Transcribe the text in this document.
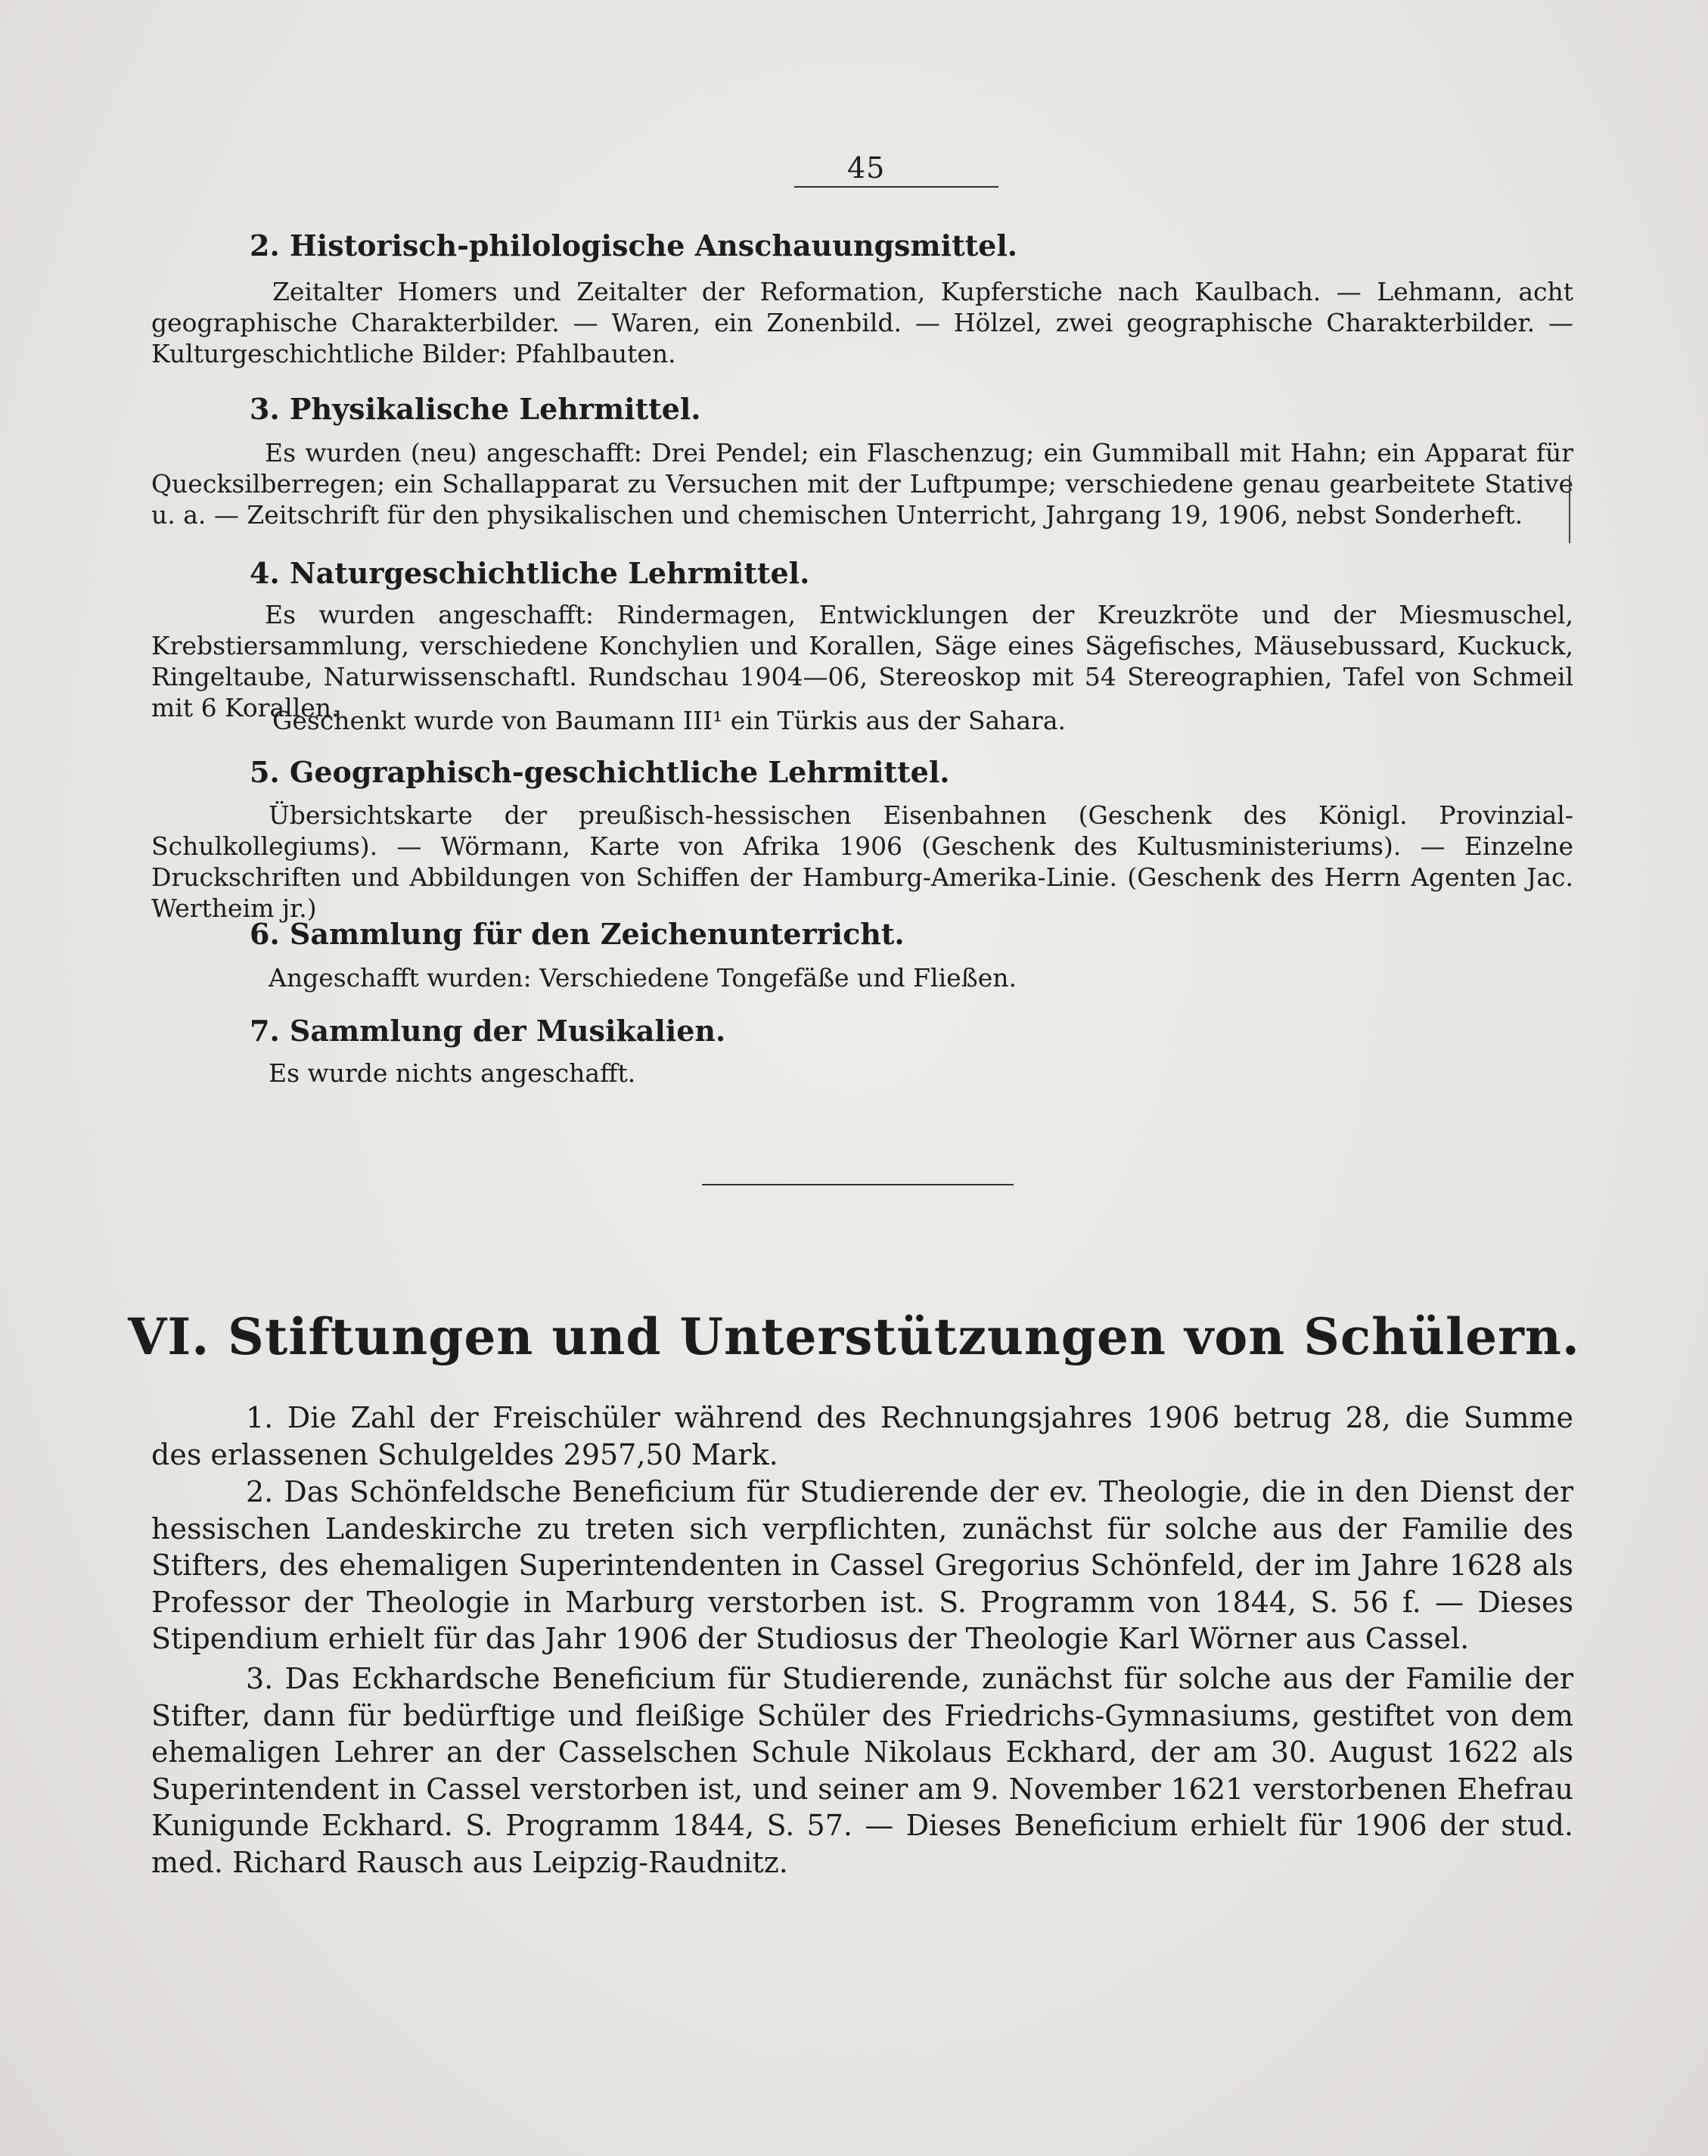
45
2. Historisch-philologische Anschauungsmittel.
Zeitalter Homers und Zeitalter der Reformation, Kupferstiche nach Kaulbach. — Lehmann, acht geographische Charakterbilder. — Waren, ein Zonenbild. — Hölzel, zwei geographische Charakterbilder. — Kulturgeschichtliche Bilder: Pfahlbauten.
3. Physikalische Lehrmittel.
Es wurden (neu) angeschafft: Drei Pendel; ein Flaschenzug; ein Gummiball mit Hahn; ein Apparat für Quecksilberregen; ein Schallapparat zu Versuchen mit der Luftpumpe; verschiedene genau gearbeitete Stative u. a. — Zeitschrift für den physikalischen und chemischen Unterricht, Jahrgang 19, 1906, nebst Sonderheft.
4. Naturgeschichtliche Lehrmittel.
Es wurden angeschafft: Rindermagen, Entwicklungen der Kreuzkröte und der Miesmuschel, Krebstiersammlung, verschiedene Konchylien und Korallen, Säge eines Sägefisches, Mäusebussard, Kuckuck, Ringeltaube, Naturwissenschaftl. Rundschau 1904—06, Stereoskop mit 54 Stereographien, Tafel von Schmeil mit 6 Korallen.
Geschenkt wurde von Baumann III¹ ein Türkis aus der Sahara.
5. Geographisch-geschichtliche Lehrmittel.
Übersichtskarte der preußisch-hessischen Eisenbahnen (Geschenk des Königl. Provinzial-Schulkollegiums). — Wörmann, Karte von Afrika 1906 (Geschenk des Kultusministeriums). — Einzelne Druckschriften und Abbildungen von Schiffen der Hamburg-Amerika-Linie. (Geschenk des Herrn Agenten Jac. Wertheim jr.)
6. Sammlung für den Zeichenunterricht.
Angeschafft wurden: Verschiedene Tongefäße und Fließen.
7. Sammlung der Musikalien.
Es wurde nichts angeschafft.
VI. Stiftungen und Unterstützungen von Schülern.
1. Die Zahl der Freischüler während des Rechnungsjahres 1906 betrug 28, die Summe des erlassenen Schulgeldes 2957,50 Mark.
2. Das Schönfeldsche Beneficium für Studierende der ev. Theologie, die in den Dienst der hessischen Landeskirche zu treten sich verpflichten, zunächst für solche aus der Familie des Stifters, des ehemaligen Superintendenten in Cassel Gregorius Schönfeld, der im Jahre 1628 als Professor der Theologie in Marburg verstorben ist. S. Programm von 1844, S. 56 f. — Dieses Stipendium erhielt für das Jahr 1906 der Studiosus der Theologie Karl Wörner aus Cassel.
3. Das Eckhardsche Beneficium für Studierende, zunächst für solche aus der Familie der Stifter, dann für bedürftige und fleißige Schüler des Friedrichs-Gymnasiums, gestiftet von dem ehemaligen Lehrer an der Casselschen Schule Nikolaus Eckhard, der am 30. August 1622 als Superintendent in Cassel verstorben ist, und seiner am 9. November 1621 verstorbenen Ehefrau Kunigunde Eckhard. S. Programm 1844, S. 57. — Dieses Beneficium erhielt für 1906 der stud. med. Richard Rausch aus Leipzig-Raudnitz.
